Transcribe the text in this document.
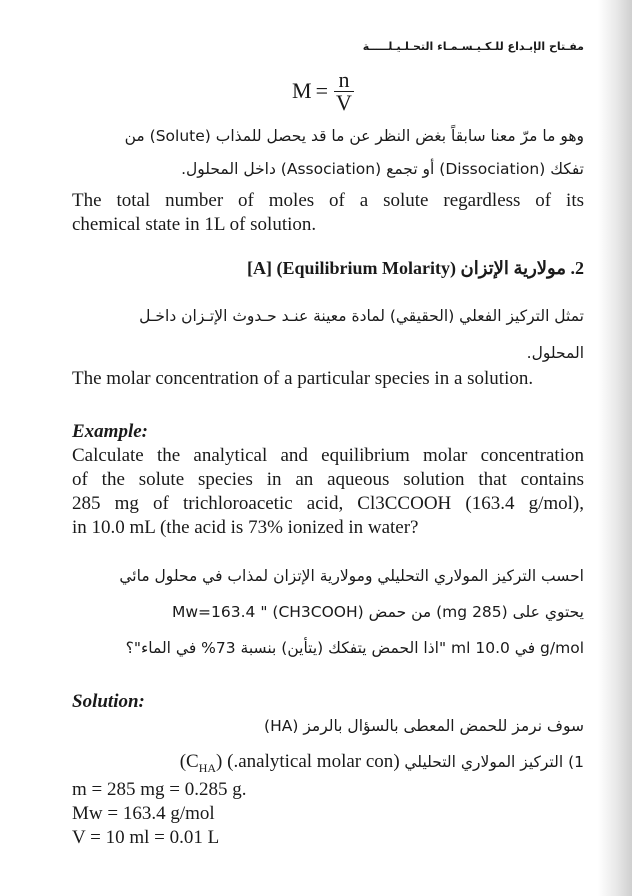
مفـتاح الإبـداع للـكـيـسـمـاء التحـلـيـلـــــة
$M = \frac{n}{V}$
وهو ما مرّ معنا سابقاً بغض النظر عن ما قد يحصل للمذاب (Solute) من
تفكك (Dissociation) أو تجمع (Association) داخل المحلول.
The total number of moles of a solute regardless of its
chemical state in 1L of solution.
2. مولارية الإتزان (Equilibrium Molarity) [A]
تمثل التركيز الفعلي (الحقيقي) لمادة معينة عنـد حـدوث الإتـزان داخـل
المحلول.
The molar concentration of a particular species in a solution.
Example:
Calculate the analytical and equilibrium molar concentration
of the solute species in an aqueous solution that contains
285 mg of trichloroacetic acid, Cl3CCOOH (163.4 g/mol),
in 10.0 mL (the acid is 73% ionized in water?
احسب التركيز المولاري التحليلي ومولارية الإتزان لمذاب في محلول مائي
يحتوي على (285 mg) من حمض (CH3COOH) " Mw=163.4
g/mol في 10.0 ml "اذا الحمض يتفكك (يتأين) بنسبة 73% في الماء"؟
Solution:
سوف نرمز للحمض المعطى بالسؤال بالرمز (HA)
1) التركيز المولاري التحليلي (analytical molar con.) $(C_{HA})$
m = 285 mg = 0.285 g.
Mw = 163.4 g/mol
V = 10 ml = 0.01 L
